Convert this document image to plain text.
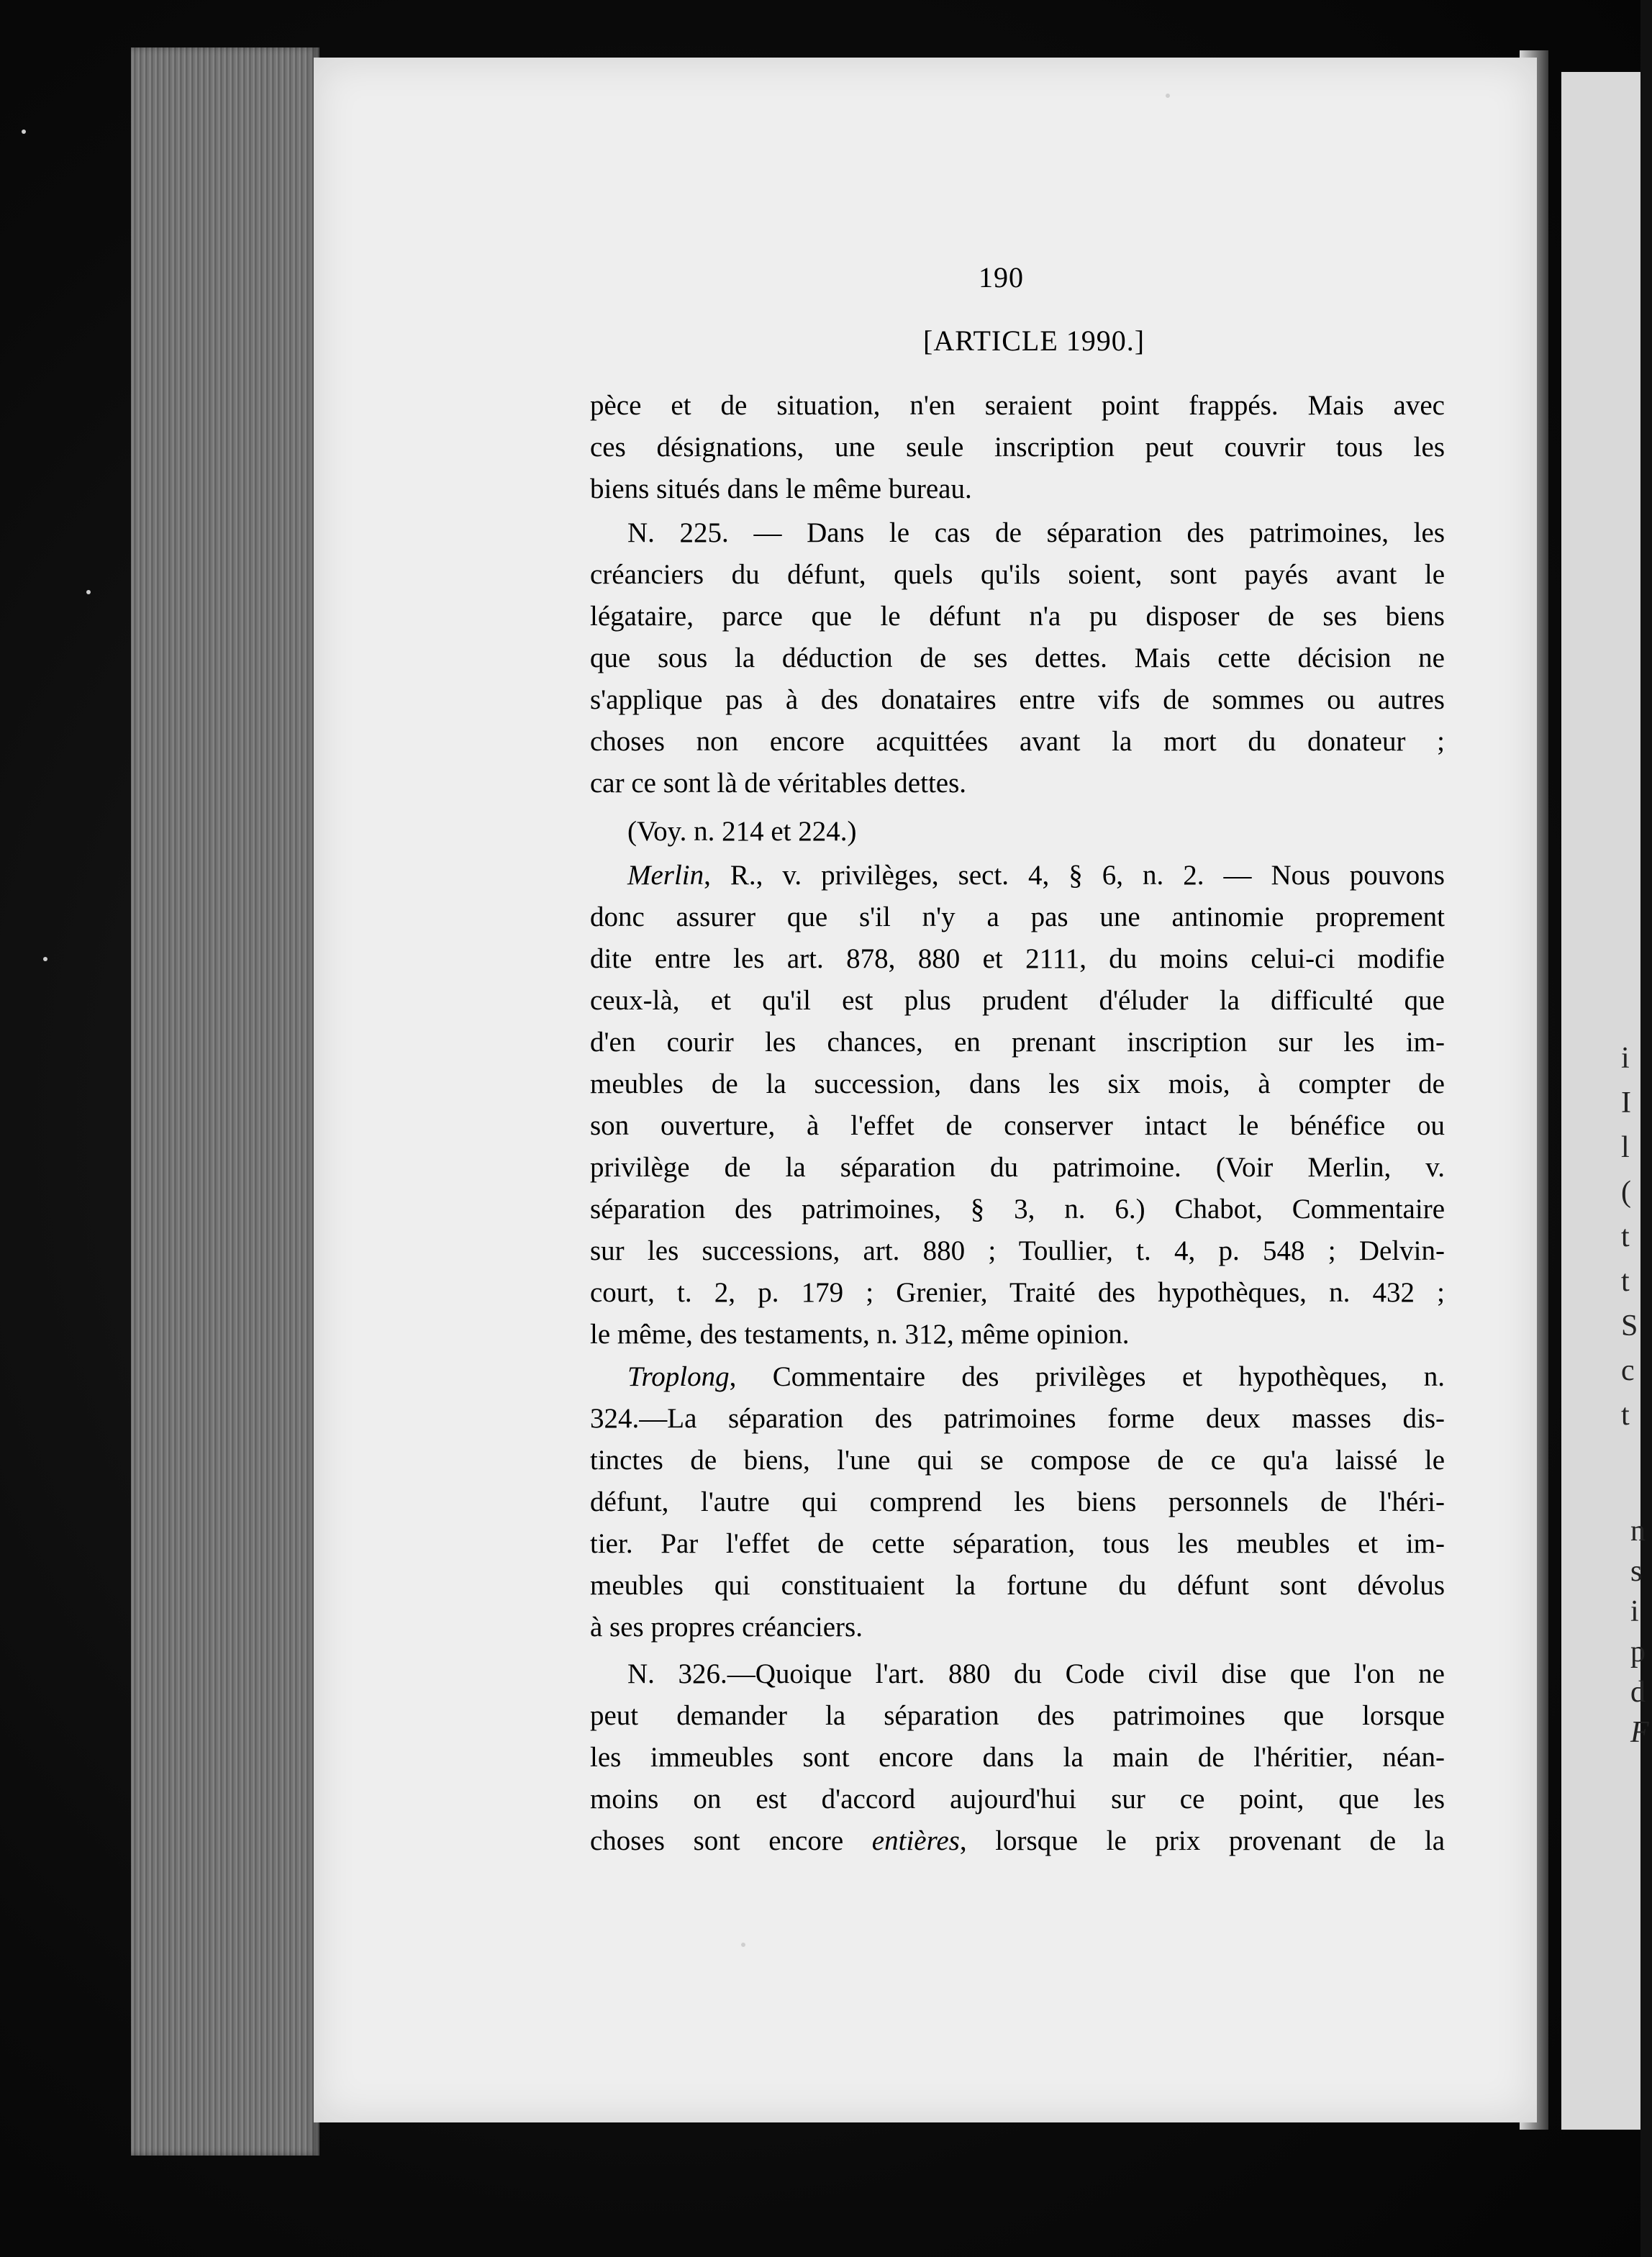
190
[ARTICLE 1990.]
pèce et de situation, n'en seraient point frappés. Mais avec
ces désignations, une seule inscription peut couvrir tous les
biens situés dans le même bureau.
N. 225. — Dans le cas de séparation des patrimoines, les
créanciers du défunt, quels qu'ils soient, sont payés avant le
légataire, parce que le défunt n'a pu disposer de ses biens
que sous la déduction de ses dettes. Mais cette décision ne
s'applique pas à des donataires entre vifs de sommes ou autres
choses non encore acquittées avant la mort du donateur ;
car ce sont là de véritables dettes.
(Voy. n. 214 et 224.)
Merlin, R., v. privilèges, sect. 4, § 6, n. 2. — Nous pouvons
donc assurer que s'il n'y a pas une antinomie proprement
dite entre les art. 878, 880 et 2111, du moins celui-ci modifie
ceux-là, et qu'il est plus prudent d'éluder la difficulté que
d'en courir les chances, en prenant inscription sur les im-
meubles de la succession, dans les six mois, à compter de
son ouverture, à l'effet de conserver intact le bénéfice ou
privilège de la séparation du patrimoine. (Voir Merlin, v.
séparation des patrimoines, § 3, n. 6.) Chabot, Commentaire
sur les successions, art. 880 ; Toullier, t. 4, p. 548 ; Delvin-
court, t. 2, p. 179 ; Grenier, Traité des hypothèques, n. 432 ;
le même, des testaments, n. 312, même opinion.
Troplong, Commentaire des privilèges et hypothèques, n.
324.—La séparation des patrimoines forme deux masses dis-
tinctes de biens, l'une qui se compose de ce qu'a laissé le
défunt, l'autre qui comprend les biens personnels de l'héri-
tier. Par l'effet de cette séparation, tous les meubles et im-
meubles qui constituaient la fortune du défunt sont dévolus
à ses propres créanciers.
N. 326.—Quoique l'art. 880 du Code civil dise que l'on ne
peut demander la séparation des patrimoines que lorsque
les immeubles sont encore dans la main de l'héritier, néan-
moins on est d'accord aujourd'hui sur ce point, que les
choses sont encore entières, lorsque le prix provenant de la
i
I
l
(
t
t
S
c
t
n
s
i
p
d
F
